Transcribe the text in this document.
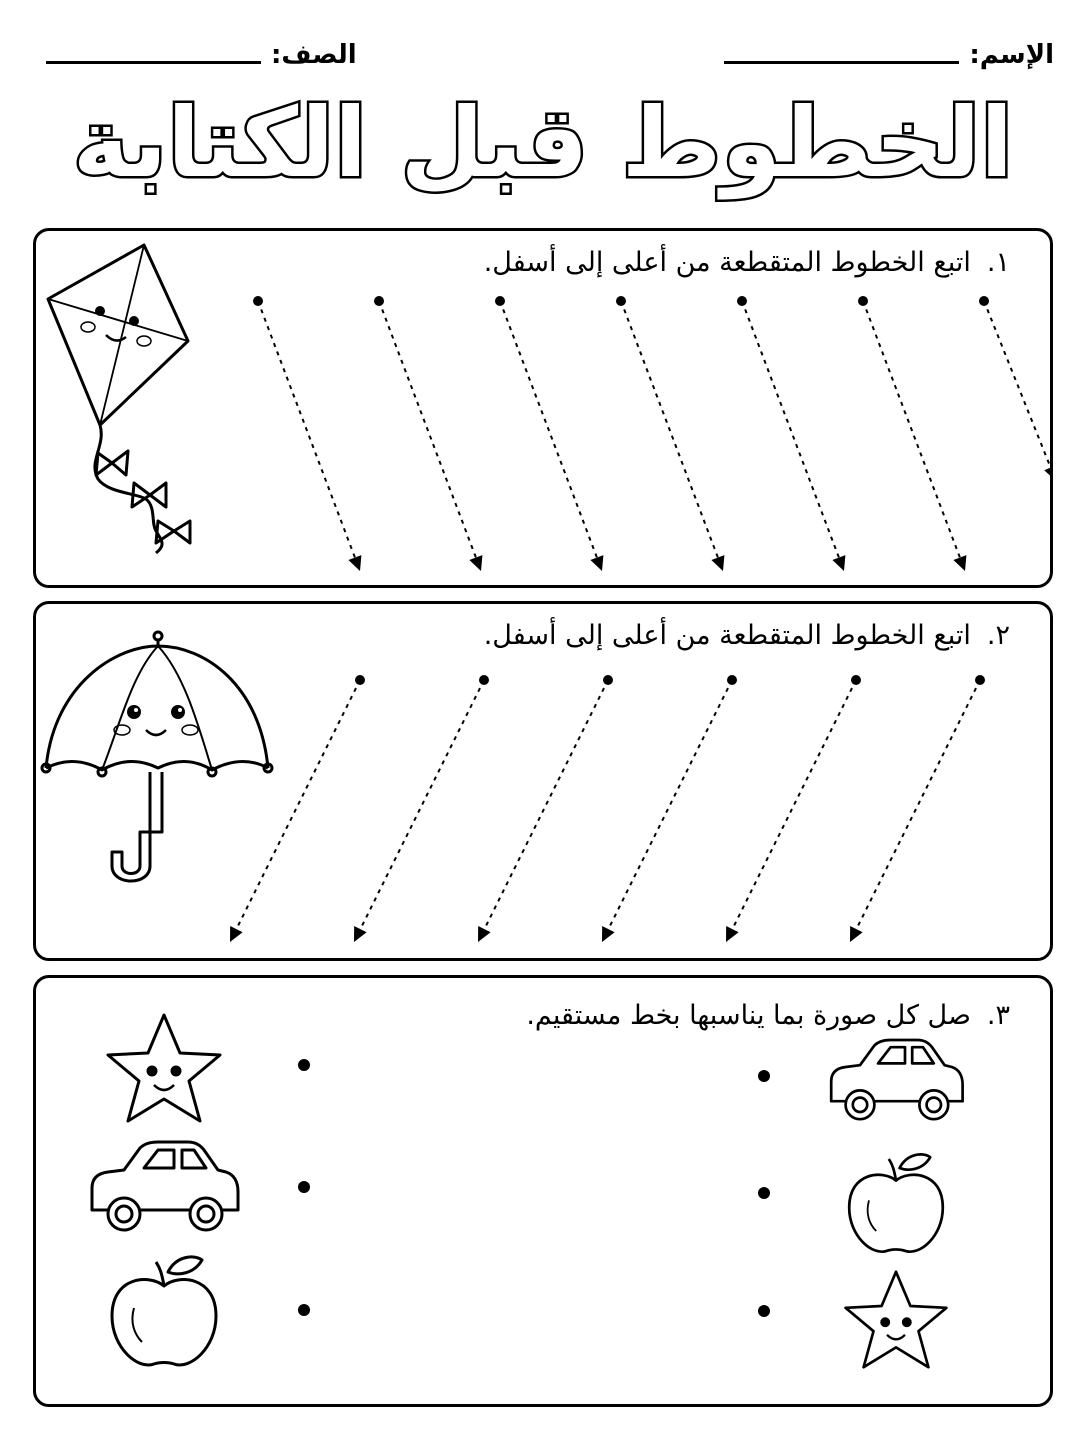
الإسم:
الصف:
الخطوط قبل الكتابة
١.اتبع الخطوط المتقطعة من أعلى إلى أسفل.
٢.اتبع الخطوط المتقطعة من أعلى إلى أسفل.
٣.صل كل صورة بما يناسبها بخط مستقيم.
